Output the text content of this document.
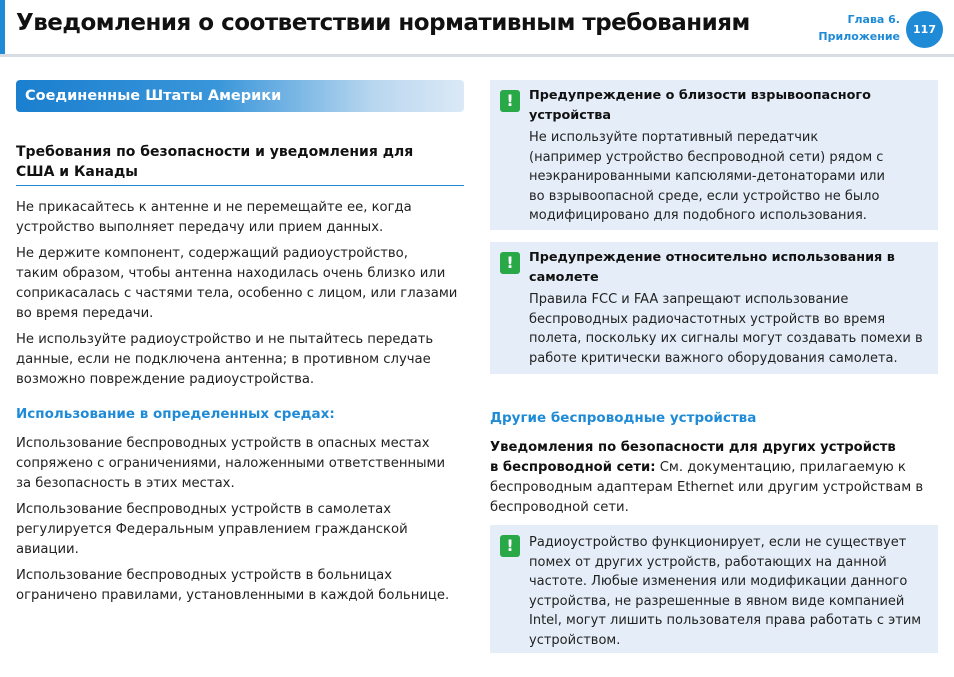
Уведомления о соответствии нормативным требованиям	Глава 6.
Приложение
117
Соединенные Штаты Америки
Требования по безопасности и уведомления для
США и Канады

Не прикасайтесь к антенне и не перемещайте ее, когда

устройство выполняет передачу или прием данных.

Не держите компонент, содержащий радиоустройство,

таким образом, чтобы антенна находилась очень близко или

соприкасалась с частями тела, особенно с лицом, или глазами

во время передачи.

Не используйте радиоустройство и не пытайтесь передать

данные, если не подключена антенна; в противном случае

возможно повреждение радиоустройства.

Использование в определенных средах:

Использование беспроводных устройств в опасных местах

сопряжено с ограничениями, наложенными ответственными

за безопасность в этих местах.

Использование беспроводных устройств в самолетах

регулируется Федеральным управлением гражданской

авиации.

Использование беспроводных устройств в больницах

ограничено правилами, установленными в каждой больнице.

!	Предупреждение о близости взрывоопасного

устройства

Не используйте портативный передатчик

(например устройство беспроводной сети) рядом с

неэкранированными капсюлями-детонаторами или

во взрывоопасной среде, если устройство не было

модифицировано для подобного использования.

!	Предупреждение относительно использования в

самолете

Правила FCC и FAA запрещают использование

беспроводных радиочастотных устройств во время

полета, поскольку их сигналы могут создавать помехи в

работе критически важного оборудования самолета.

Другие беспроводные устройства

Уведомления по безопасности для других устройств

в беспроводной сети: См. документацию, прилагаемую к

беспроводным адаптерам Ethernet или другим устройствам в

беспроводной сети.

!	Радиоустройство функционирует, если не существует

помех от других устройств, работающих на данной

частоте. Любые изменения или модификации данного

устройства, не разрешенные в явном виде компанией

Intel, могут лишить пользователя права работать с этим

устройством.
